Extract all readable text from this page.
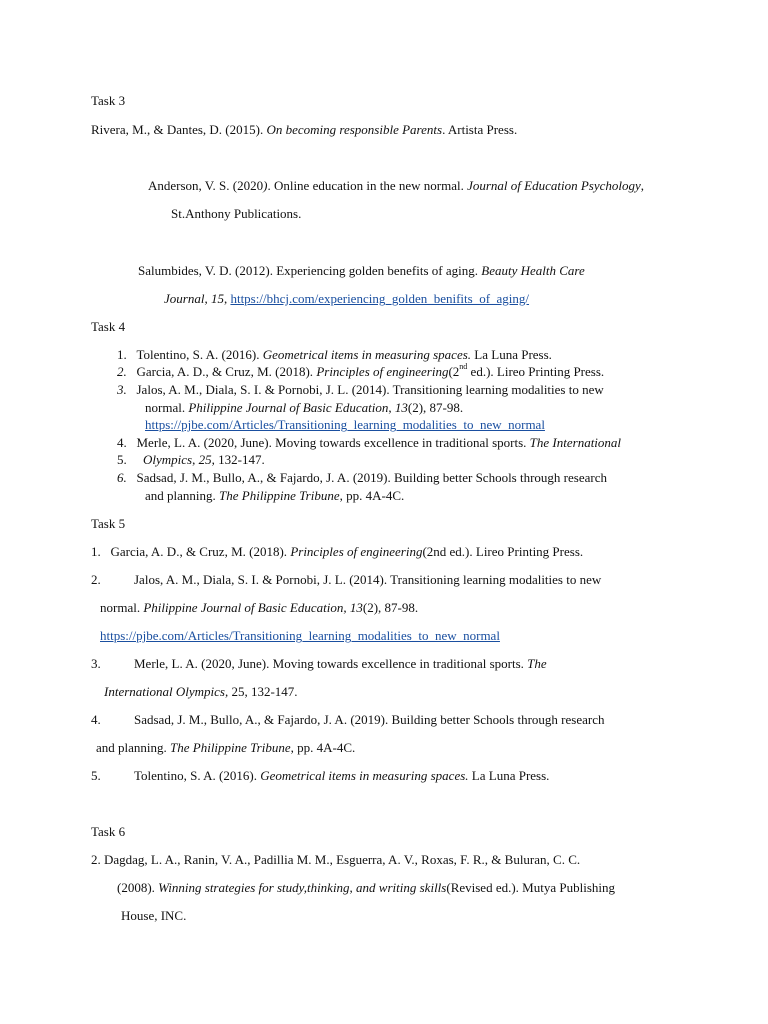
Task 3
Rivera, M., & Dantes, D. (2015). On becoming responsible Parents. Artista Press.
Anderson, V. S. (2020). Online education in the new normal. Journal of Education Psychology,
St.Anthony Publications.
Salumbides, V. D. (2012). Experiencing golden benefits of aging. Beauty Health Care
Journal, 15, https://bhcj.com/experiencing_golden_benifits_of_aging/
Task 4
1. Tolentino, S. A. (2016). Geometrical items in measuring spaces. La Luna Press.
2. Garcia, A. D., & Cruz, M. (2018). Principles of engineering(2nd ed.). Lireo Printing Press.
3. Jalos, A. M., Diala, S. I. & Pornobi, J. L. (2014). Transitioning learning modalities to new
normal. Philippine Journal of Basic Education, 13(2), 87-98.
https://pjbe.com/Articles/Transitioning_learning_modalities_to_new_normal
4. Merle, L. A. (2020, June). Moving towards excellence in traditional sports. The International
5. Olympics, 25, 132-147.
6. Sadsad, J. M., Bullo, A., & Fajardo, J. A. (2019). Building better Schools through research
and planning. The Philippine Tribune, pp. 4A-4C.
Task 5
1. Garcia, A. D., & Cruz, M. (2018). Principles of engineering(2nd ed.). Lireo Printing Press.
2.	Jalos, A. M., Diala, S. I. & Pornobi, J. L. (2014). Transitioning learning modalities to new
normal. Philippine Journal of Basic Education, 13(2), 87-98.
https://pjbe.com/Articles/Transitioning_learning_modalities_to_new_normal
3.	Merle, L. A. (2020, June). Moving towards excellence in traditional sports. The
International Olympics, 25, 132-147.
4.	Sadsad, J. M., Bullo, A., & Fajardo, J. A. (2019). Building better Schools through research
and planning. The Philippine Tribune, pp. 4A-4C.
5.	Tolentino, S. A. (2016). Geometrical items in measuring spaces. La Luna Press.
Task 6
2. Dagdag, L. A., Ranin, V. A., Padillia M. M., Esguerra, A. V., Roxas, F. R., & Buluran, C. C.
(2008). Winning strategies for study,thinking, and writing skills(Revised ed.). Mutya Publishing
House, INC.
